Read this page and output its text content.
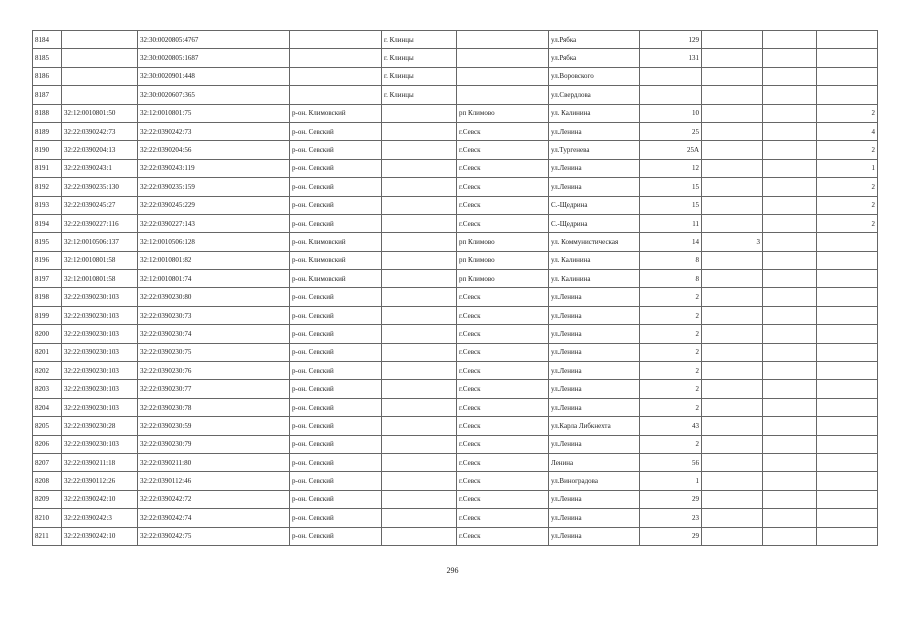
8184		32:30:0020805:4767		г. Клинцы		ул.Рябка	129			
8185		32:30:0020805:1687		г. Клинцы		ул.Рябка	131			
8186		32:30:0020901:448		г. Клинцы		ул.Воровского				
8187		32:30:0020607:365		г. Клинцы		ул.Свердлова				
8188	32:12:0010801:50	32:12:0010801:75	р-он. Климовский		рп Климово	ул. Калинина	10			2
8189	32:22:0390242:73	32:22:0390242:73	р-он. Севский		г.Севск	ул.Ленина	25			4
8190	32:22:0390204:13	32:22:0390204:56	р-он. Севский		г.Севск	ул.Тургенева	25А			2
8191	32:22:0390243:1	32:22:0390243:119	р-он. Севский		г.Севск	ул.Ленина	12			1
8192	32:22:0390235:130	32:22:0390235:159	р-он. Севский		г.Севск	ул.Ленина	15			2
8193	32:22:0390245:27	32:22:0390245:229	р-он. Севский		г.Севск	С.-Щедрина	15			2
8194	32:22:0390227:116	32:22:0390227:143	р-он. Севский		г.Севск	С.-Щедрина	11			2
8195	32:12:0010506:137	32:12:0010506:128	р-он. Климовский		рп Климово	ул. Коммунистическая	14	3		
8196	32:12:0010801:58	32:12:0010801:82	р-он. Климовский		рп Климово	ул. Калинина	8			
8197	32:12:0010801:58	32:12:0010801:74	р-он. Климовский		рп Климово	ул. Калинина	8			
8198	32:22:0390230:103	32:22:0390230:80	р-он. Севский		г.Севск	ул.Ленина	2			
8199	32:22:0390230:103	32:22:0390230:73	р-он. Севский		г.Севск	ул.Ленина	2			
8200	32:22:0390230:103	32:22:0390230:74	р-он. Севский		г.Севск	ул.Ленина	2			
8201	32:22:0390230:103	32:22:0390230:75	р-он. Севский		г.Севск	ул.Ленина	2			
8202	32:22:0390230:103	32:22:0390230:76	р-он. Севский		г.Севск	ул.Ленина	2			
8203	32:22:0390230:103	32:22:0390230:77	р-он. Севский		г.Севск	ул.Ленина	2			
8204	32:22:0390230:103	32:22:0390230:78	р-он. Севский		г.Севск	ул.Ленина	2			
8205	32:22:0390230:28	32:22:0390230:59	р-он. Севский		г.Севск	ул.Карла Либкнехта	43			
8206	32:22:0390230:103	32:22:0390230:79	р-он. Севский		г.Севск	ул.Ленина	2			
8207	32:22:0390211:18	32:22:0390211:80	р-он. Севский		г.Севск	Ленина	56			
8208	32:22:0390112:26	32:22:0390112:46	р-он. Севский		г.Севск	ул.Виноградова	1			
8209	32:22:0390242:10	32:22:0390242:72	р-он. Севский		г.Севск	ул.Ленина	29			
8210	32:22:0390242:3	32:22:0390242:74	р-он. Севский		г.Севск	ул.Ленина	23			
8211	32:22:0390242:10	32:22:0390242:75	р-он. Севский		г.Севск	ул.Ленина	29			
296
